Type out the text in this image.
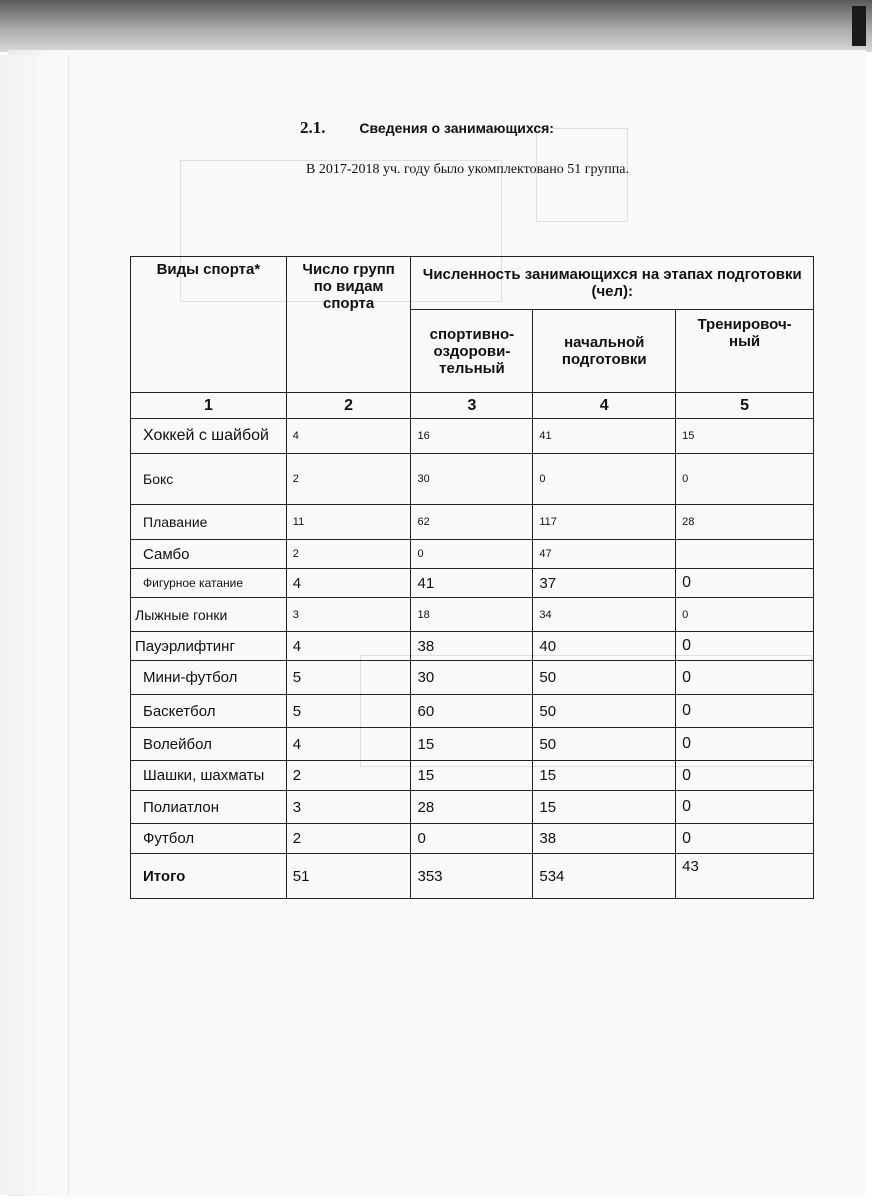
2.1. Сведения о занимающихся:
В 2017-2018 уч. году было укомплектовано 51 группа.
Виды спорта*	Число групп по видам спорта	Численность занимающихся на этапах подготовки (чел):		
		спортивно-оздорови-тельный	начальной подготовки	Тренировоч-ный
1	2	3	4	5
Хоккей с шайбой	4	16	41	15
Бокс	2	30	0	0
Плавание	11	62	117	28
Самбо	2	0	47	
Фигурное катание	4	41	37	0
Лыжные гонки	3	18	34	0
Пауэрлифтинг	4	38	40	0
Мини-футбол	5	30	50	0
Баскетбол	5	60	50	0
Волейбол	4	15	50	0
Шашки, шахматы	2	15	15	0
Полиатлон	3	28	15	0
Футбол	2	0	38	0
Итого	51	353	534	43
